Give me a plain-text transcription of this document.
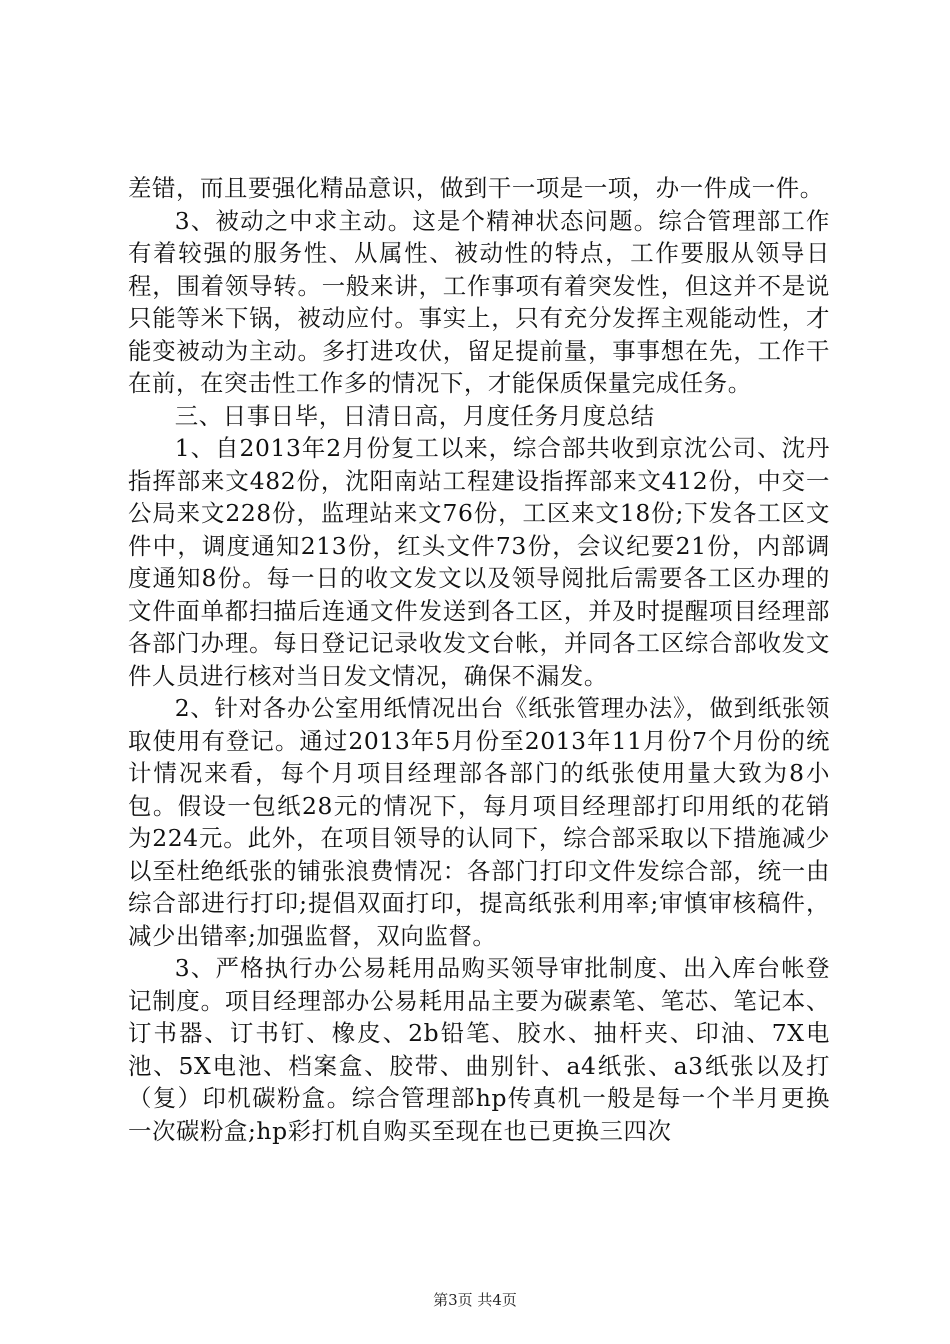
差错，而且要强化精品意识，做到干一项是一项，办一件成一件。

3、被动之中求主动。这是个精神状态问题。综合管理部工作有着较强的服务性、从属性、被动性的特点，工作要服从领导日程，围着领导转。一般来讲，工作事项有着突发性，但这并不是说只能等米下锅，被动应付。事实上，只有充分发挥主观能动性，才能变被动为主动。多打进攻伏，留足提前量，事事想在先，工作干在前，在突击性工作多的情况下，才能保质保量完成任务。

三、日事日毕，日清日高，月度任务月度总结

1、自2013年2月份复工以来，综合部共收到京沈公司、沈丹指挥部来文482份，沈阳南站工程建设指挥部来文412份，中交一公局来文228份，监理站来文76份，工区来文18份;下发各工区文件中，调度通知213份，红头文件73份，会议纪要21份，内部调度通知8份。每一日的收文发文以及领导阅批后需要各工区办理的文件面单都扫描后连通文件发送到各工区，并及时提醒项目经理部各部门办理。每日登记记录收发文台帐，并同各工区综合部收发文件人员进行核对当日发文情况，确保不漏发。

2、针对各办公室用纸情况出台《纸张管理办法》，做到纸张领取使用有登记。通过2013年5月份至2013年11月份7个月份的统计情况来看，每个月项目经理部各部门的纸张使用量大致为8小包。假设一包纸28元的情况下，每月项目经理部打印用纸的花销为224元。此外，在项目领导的认同下，综合部采取以下措施减少以至杜绝纸张的铺张浪费情况：各部门打印文件发综合部，统一由综合部进行打印;提倡双面打印，提高纸张利用率;审慎审核稿件，减少出错率;加强监督，双向监督。

3、严格执行办公易耗用品购买领导审批制度、出入库台帐登记制度。项目经理部办公易耗用品主要为碳素笔、笔芯、笔记本、订书器、订书钉、橡皮、2b铅笔、胶水、抽杆夹、印油、7X电池、5X电池、档案盒、胶带、曲别针、a4纸张、a3纸张以及打（复）印机碳粉盒。综合管理部hp传真机一般是每一个半月更换一次碳粉盒;hp彩打机自购买至现在也已更换三四次

第3页 共4页
